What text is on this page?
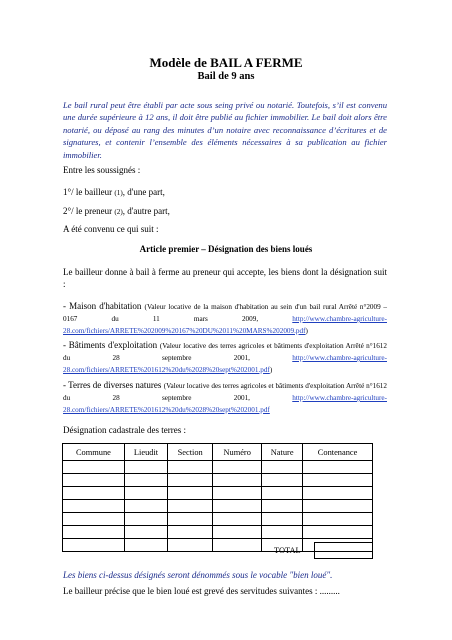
Modèle de BAIL A FERME
Bail de 9 ans
Le bail rural peut être établi par acte sous seing privé ou notarié. Toutefois, s’il est convenu une durée supérieure à 12 ans, il doit être publié au fichier immobilier. Le bail doit alors être notarié, ou déposé au rang des minutes d’un notaire avec reconnaissance d’écritures et de signatures, et contenir l’ensemble des éléments nécessaires à sa publication au fichier immobilier.
Entre les soussignés :
1°/ le bailleur (1), d'une part,
2°/ le preneur (2), d'autre part,
A été convenu ce qui suit :
Article premier – Désignation des biens loués
Le bailleur donne à bail à ferme au preneur qui accepte, les biens dont la désignation suit :
- Maison d'habitation (Valeur locative de la maison d'habitation au sein d'un bail rural Arrêté n°2009 – 0167 du 11 mars 2009, http://www.chambre-agriculture-28.com/fichiers/ARRETE%202009%20167%20DU%2011%20MARS%202009.pdf)
- Bâtiments d'exploitation (Valeur locative des terres agricoles et bâtiments d'exploitation Arrêté n°1612 du 28 septembre 2001, http://www.chambre-agriculture-28.com/fichiers/ARRETE%201612%20du%2028%20sept%202001.pdf)
- Terres de diverses natures (Valeur locative des terres agricoles et bâtiments d'exploitation Arrêté n°1612 du 28 septembre 2001, http://www.chambre-agriculture-28.com/fichiers/ARRETE%201612%20du%2028%20sept%202001.pdf
Désignation cadastrale des terres :
Commune	Lieudit	Section	Numéro	Nature	Contenance

TOTAL
Les biens ci-dessus désignés seront dénommés sous le vocable "bien loué".
Le bailleur précise que le bien loué est grevé des servitudes suivantes : .........
